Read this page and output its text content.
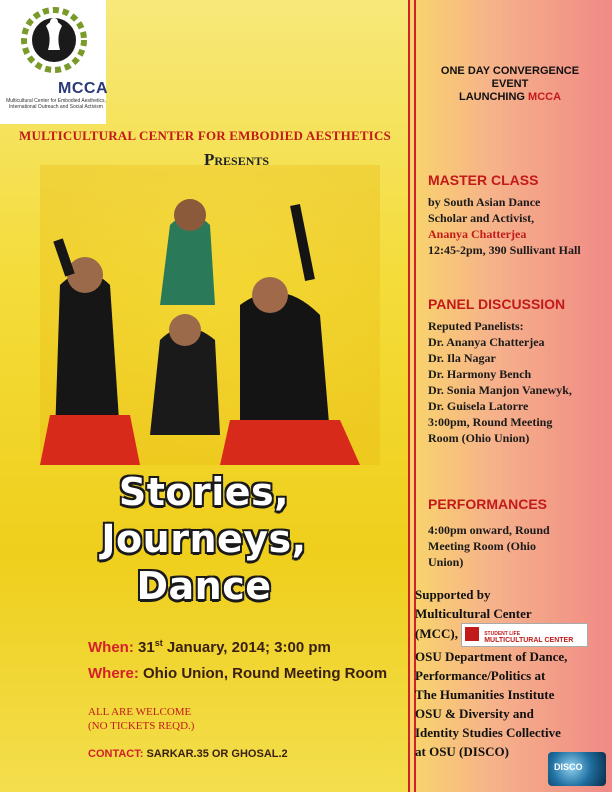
MCCA
Multicultural Center for Embodied Aesthetics, International Outreach and Social Activism
MULTICULTURAL CENTER FOR EMBODIED AESTHETICS
Presents
Stories,
Journeys,
Dance
When: 31st January, 2014; 3:00 pm
Where: Ohio Union, Round Meeting Room
ALL ARE WELCOME
(NO TICKETS REQD.)
CONTACT: SARKAR.35 OR GHOSAL.2
ONE DAY CONVERGENCE
EVENT
LAUNCHING MCCA
MASTER CLASS
by South Asian Dance
Scholar and Activist,
Ananya Chatterjea
12:45-2pm, 390 Sullivant Hall
PANEL DISCUSSION
Reputed Panelists:
Dr. Ananya Chatterjea
Dr. Ila Nagar
Dr. Harmony Bench
Dr. Sonia Manjon Vanewyk,
Dr. Guisela Latorre
3:00pm, Round Meeting
Room (Ohio Union)
PERFORMANCES
4:00pm onward, Round
Meeting Room (Ohio
Union)
Supported by
Multicultural Center
(MCC),	STUDENT LIFE
MULTICULTURAL CENTER
OSU Department of Dance,
Performance/Politics at
The Humanities Institute
OSU & Diversity and
Identity Studies Collective
at OSU (DISCO)
DISCO
